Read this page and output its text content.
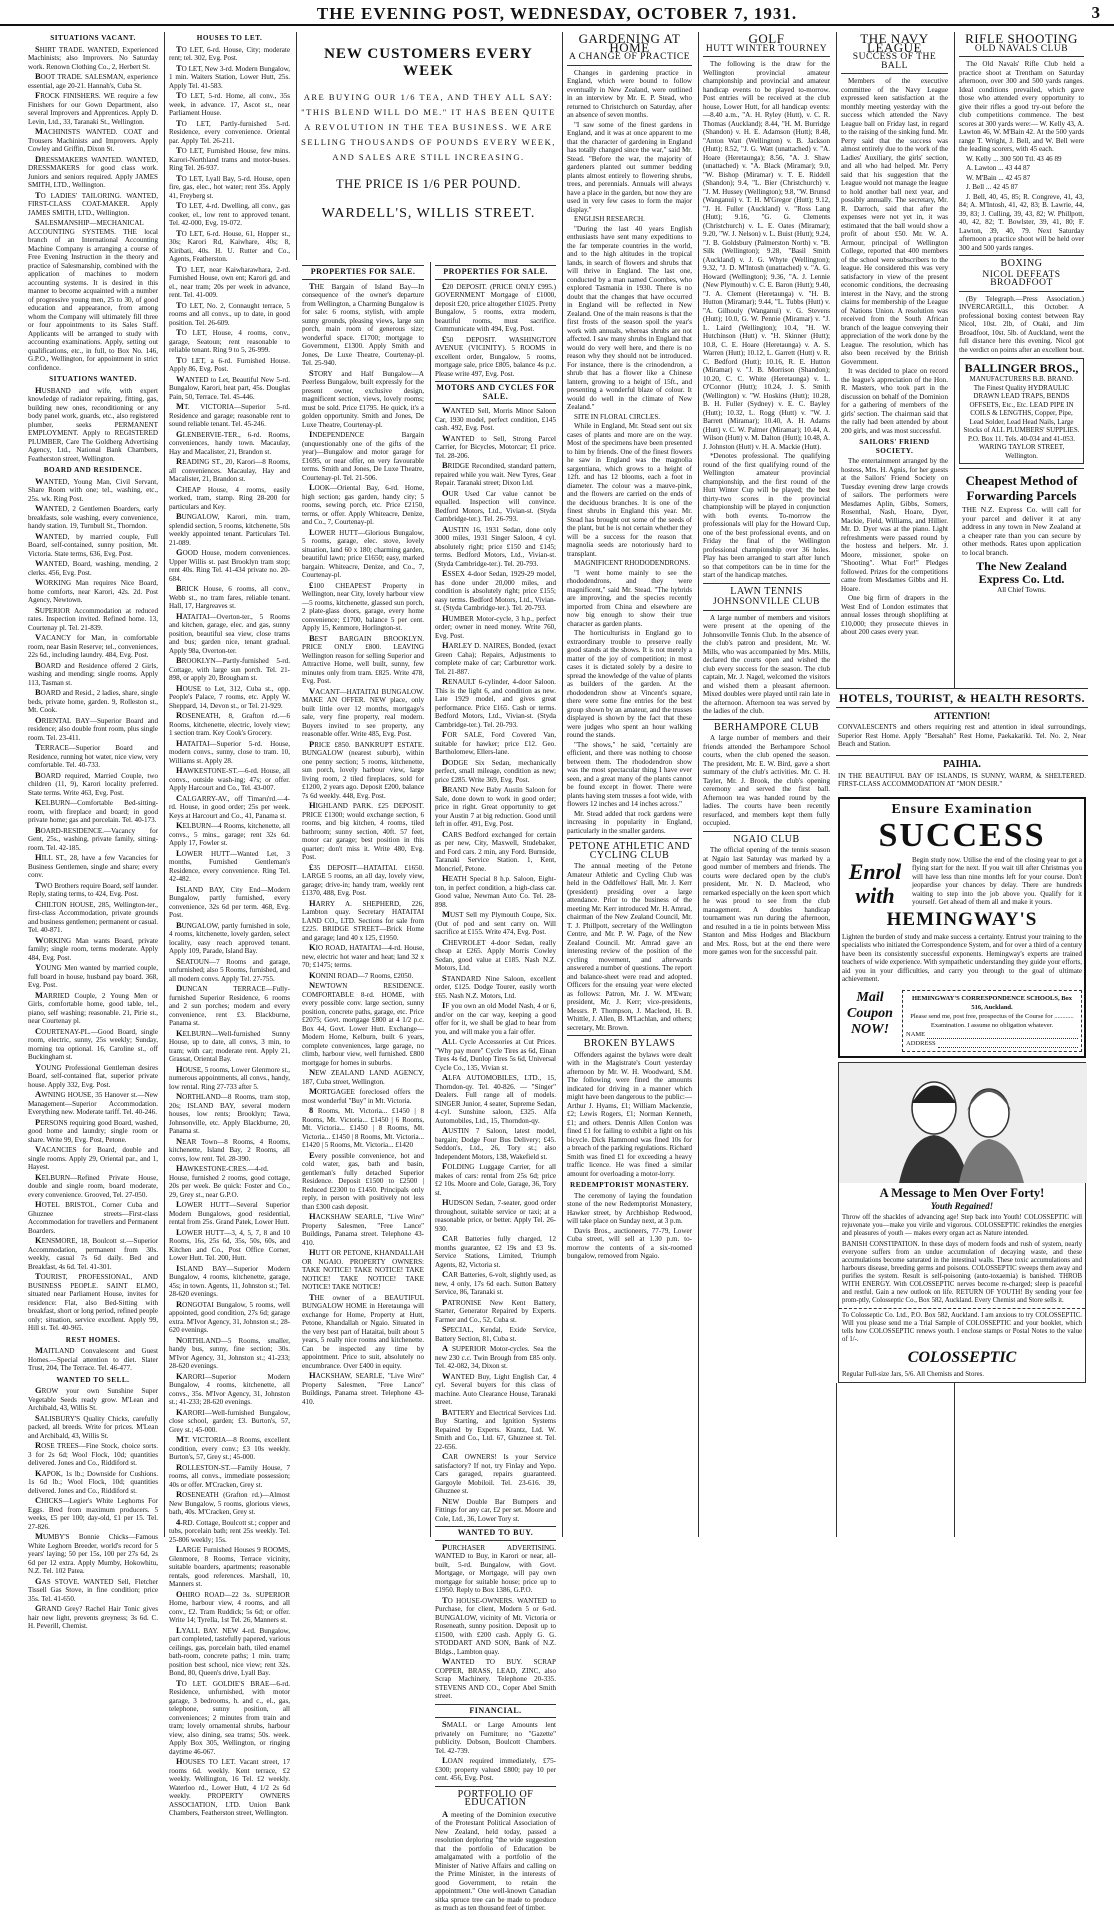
THE EVENING POST, WEDNESDAY, OCTOBER 7, 1931.	3
SITUATIONS VACANT.

SHIRT TRADE. WANTED, Experienced Machinists; also Improvers. No Saturday work. Renown Clothing Co., 2, Herbert St.

BOOT TRADE. SALESMAN, experience essential, age 20-21. Hannah's, Cuba St.

FROCK FINISHERS. WE require a few Finishers for our Gown Department, also several Improvers and Apprentices. Apply D. Levin, Ltd., 33, Taranaki St., Wellington.

MACHINISTS WANTED. COAT and Trousers Machinists and Improvers. Apply Cowley and Griffin, Dixon St.

DRESSMAKERS WANTED. WANTED, DRESSMAKERS for good class work. Juniors and seniors required. Apply JAMES SMITH, LTD., Wellington.

TO LADIES' TAILORING. WANTED, FIRST-CLASS COAT-MAKER. Apply JAMES SMITH, LTD., Wellington.

SALESMANSHIP—MECHANICAL ACCOUNTING SYSTEMS. THE local branch of an International Accounting Machine Company is arranging a course of Free Evening Instruction in the theory and practice of Salesmanship, combined with the application of machines to modern accounting systems. It is desired in this manner to become acquainted with a number of progressive young men, 25 to 30, of good education and appearance, from among whom the Company will ultimately fill three or four appointments to its Sales Staff. Applicants will be arranged to study with accounting examinations. Apply, setting out qualifications, etc., in full, to Box No. 146, G.P.O., Wellington, for appointment in strict confidence.

SITUATIONS WANTED.

HUSBAND and wife, with expert knowledge of radiator repairing, fitting, gas, building new ones, reconditioning or any body panel work, guards, etc., also registered plumber, seeks PERMANENT EMPLOYMENT. Apply to REGISTERED PLUMBER, Care The Goldberg Advertising Agency, Ltd., National Bank Chambers, Featherston street, Wellington.

BOARD AND RESIDENCE.

WANTED, Young Man, Civil Servant, Share Room with one; tel., washing, etc., 25s. wk. Ring Post.

WANTED, 2 Gentlemen Boarders, early breakfasts, sole washing, every convenience, handy station. 19, Turnbull St., Thorndon.

WANTED, by married couple, Full Board, self-contained, sunny position, Mt. Victoria. State terms, 636, Evg. Post.

WANTED, Board, washing, mending, 2 clerks. 456, Evg. Post.

WORKING Man requires Nice Board, home comforts, near Karori, 42s. 2d. Post Agency, Newtown.

SUPERIOR Accommodation at reduced rates. Inspection invited. Refined home. 13, Courtenay pl. Tel. 21-839.

VACANCY for Man, in comfortable room, near Basin Reserve; tel., conveniences, 22s 6d., including laundry. 484, Evg. Post.

BOARD and Residence offered 2 Girls, washing and mending; single rooms. Apply 113, Tasman st.

BOARD and Resid., 2 ladies, share, single beds, private home, garden. 9, Rolleston st., Mt. Cook.

ORIENTAL BAY—Superior Board and residence; also double front room, plus single room. Tel. 23-411.

TERRACE—Superior Board and Residence, running hot water, nice view, very comfortable. Tel. 40-733.

BOARD required, Married Couple, two children (11, 9), Karori locality preferred. State terms. Write 463, Evg. Post.

KELBURN—Comfortable Bed-sitting-room, with fireplace and board; in good private home; gas and porcelain. Tel. 40-173.

BOARD-RESIDENCE.—Vacancy for Gent, 25s., washing, private family, sitting-room. Tel. 42-185.

HILL ST., 28, have a few Vacancies for Business Gentlemen, single and share; every conv.

TWO Brothers require Board, self launder. Reply, stating terms, to 424, Evg. Post.

CHILTON HOUSE, 285, Wellington-ter., first-class Accommodation, private grounds and business gentlemen; permanent or casual. Tel. 40-871.

WORKING Man wants Board, private family; single room, terms moderate. Apply 484, Evg. Post.

YOUNG Men wanted by married couple, full board in house, husband pay board. 368, Evg. Post.

MARRIED Couple, 2 Young Men or Girls, comfortable home, good table, tel., piano, self washing; reasonable. 21, Pirie st., near Courtenay pl.

COURTENAY-PL.—Good Board, single room, electric, sunny, 25s weekly; Sunday, morning tea optional. 16, Caroline st., off Buckingham st.

YOUNG Professional Gentleman desires Board, self-contained flat, superior private house. Apply 332, Evg. Post.

AWNING HOUSE, 35 Hanover st.—New Management—Superior Accommodation. Everything new. Moderate tariff. Tel. 40-246.

PERSONS requiring good Board, washed, good home and laundry; single room or share. Write 99, Evg. Post, Petone.

VACANCIES for Board, double and single rooms. Apply 29, Oriental par., and 1, Hayest.

KELBURN—Refined Private House, double and single room, board moderate, every convenience. Grooved, Tel. 27-050.

HOTEL BRISTOL, Corner Cuba and Ghuznee streets—First-class Accommodation for travellers and Permanent Boarders.

KENSMORE, 18, Boulcott st.—Superior Accommodation, permanent from 30s. weekly, casual 7s 6d daily. Bed and Breakfast, 4s 6d. Tel. 41-301.

TOURIST, PROFESSIONAL, AND BUSINESS PEOPLE. SAINT ELMO, situated near Parliament House, invites for residence: Flat, also Bed-Sitting with breakfast, short or long period, refined people only; situation, service excellent. Apply 99, Hill st. Tel. 40-965.

REST HOMES.

MAITLAND Convalescent and Guest Homes.—Special attention to diet. Slater Trust, 204, The Terrace. Tel. 46-477.

WANTED TO SELL.

GROW your own Sunshine Super Vegetable Seeds ready grow. M'Lean and Archibald, 43, Willis St.

SALISBURY'S Quality Chicks, carefully packed, all breeds. Write for prices. M'Lean and Archibald, 43, Willis St.

ROSE TREES—Fine Stock, choice sorts. 3 for 2s 6d; Wool Flock, 10d; quantities delivered. Jones and Co., Riddiford st.

KAPOK, 1s lb.; Downside for Cushions. 1s 6d lb.; Wool Flock, 10d; quantities delivered. Jones and Co., Riddiford st.

CHICKS—Legier's White Leghorns For Eggs. Bred from maximum producers. 5 weeks, £5 per 100; day-old, £1 per 15. Tel. 27-826.

MUMBY'S Bonnie Chicks—Famous White Leghorn Breeder, world's record for 5 years' laying; 50 per 15s, 100 per 27s 6d, 2s 6d per 12 extra. Apply Mumby, Hokowhitu, N.Z. Tel. 102 Patea.

GAS STOVE. WANTED Sell, Fletcher Tissell Gas Stove, in fine condition; price 35s. Tel. 41-650.

GRAND Grey? Rachel Hair Tonic gives hair new light, prevents greyness; 3s 6d. C. H. Peverill, Chemist.

HOUSES TO LET.

TO LET, 6-rd. House, City; moderate rent; tel. 302, Evg. Post.

TO LET, New 3-rd. Modern Bungalow, 1 min. Waiters Station, Lower Hutt, 25s. Apply Tel. 41-583.

TO LET, 5-rd. Home, all conv., 35s week, in advance. 17, Ascot st., near Parliament House.

TO LET, Partly-furnished 5-rd. Residence, every convenience. Oriental par. Apply Tel. 26-211.

TO LET, Furnished House, few mins. Karori-Northland trams and motor-buses. Ring Tel. 26-937.

TO LET, Lyall Bay, 5-rd. House, open fire, gas, elec., hot water; rent 35s. Apply 41, Freyberg st.

TO LET, 4-rd. Dwelling, all conv., gas cooker, el., low rent to approved tenant. Tel. 42-000, Evg. 19-072.

TO LET, 6-rd. House, 61, Hopper st., 30s; Karori Rd, Kaiwhare, 40s; 8, Kiribati, 40s. H. U. Rutter and Co., Agents, Featherston.

TO LET, near Kaiwharawhara, 2-rd. Furnished House, own ent; Karori gd. and el., near tram; 20s per week in advance, rent. Tel. 41-009.

TO LET, No. 2, Connaught terrace, 5 rooms and all convs., up to date, in good position. Tel. 26-609.

TO LET, House, 4 rooms, conv., garage, Seatoun; rent reasonable to reliable tenant. Ring 9 to 5, 26-999.

TO LET, a 6-rd. Furnished House. Apply 86, Evg. Post.

WANTED to Let, Beautiful New 5-rd. Bungalow, Karori, heat part, 45s. Douglas Pain, 50, Terrace. Tel. 45-446.

MT. VICTORIA—Superior 5-rd. Residence and garage; reasonable rent to sound reliable tenant. Tel. 45-246.

GLENBERVIE-TER., 6-rd. Rooms, conveniences, handy town. Macaulay, Hay and Macalister, 21, Brandon st.

READING ST., 20, Karori—8 Rooms, all conveniences. Macaulay, Hay and Macalister, 21, Brandon st.

CHEAP House, 4 rooms, easily worked, tram, stamp. Ring 28-200 for particulars and Key.

BUNGALOW, Karori, min. tram, splendid section, 5 rooms, kitchenette, 50s weekly appointed tenant. Particulars Tel. 21-089.

GOOD House, modern conveniences. Upper Willis st. past Brooklyn tram stop; rent 40s. Ring Tel. 41-434 private no. 20-684.

BRICK House, 6 rooms, all conv., Webb st., no tram fares, reliable tenant. Hall, 17, Hargreaves st.

HATAITAI—Overton-ter., 5 Rooms and kitchen, garage, elec. and gas, sunny position, beautiful sea view, close trams and bus; garden nice, tenant gradual. Apply 98a, Overton-ter.

BROOKLYN—Partly-furnished 5-rd. Cottage, with large sun porch. Tel. 21-898, or apply 20, Brougham st.

HOUSE to Let, 312, Cuba st., opp. People's Palace, 7 rooms, etc. Apply W. Sheppard, 14, Devon st., or Tel. 21-929.

ROSENEATH, 8, Grafton rd.—6 Rooms, kitchenette, electric, lovely view; 1 section tram. Key Cook's Grocery.

HATAITAI—Superior 5-rd. House, modern convs., sunny, close to tram. 10, Williams st. Apply 28.

HAWKESTONE-ST.—6-rd. House, all convs., outside wash-ing; 47s; or offer. Apply Harcourt and Co., Tel. 43-007.

CALGARRY-AV., off Timaru'rd.—4-rd. House, in good order; 25s per week. Keys at Harcourt and Co., 41, Panama st.

KELBURN—4 Rooms, kitchenette, all convs., 5 mins., garage; rent 32s 6d. Apply 17, Fowler st.

LOWER HUTT—Wanted Let, 3 months, Furnished Gentleman's Residence, every convenience. Ring Tel. 42-482.

ISLAND BAY, City End—Modern Bungalow, partly furnished, every convenience, 32s 6d per term. 468, Evg. Post.

BUNGALOW, partly furnished in sole, 4 rooms, kitchenette, lovely garden, select locality, easy reach approved tenant. Apply 109, Parade, Island Bay.

SEATOUN—7 Rooms and garage, unfurnished; also 5 Rooms, furnished, and all modern convs. Apply Tel. 27-755.

DUNCAN TERRACE—Fully-furnished Superior Residence, 6 rooms and 2 sun porches; modern and every convenience, rent £3. Blackburne, Panama st.

KELBURN—Well-furnished Sunny House, up to date, all convs, 3 min, to tram; with car; moderate rent. Apply 21, Grassat, Oriental Bay.

HOUSE, 5 rooms, Lower Glenmore st., numerous appointments, all convs., handy, low rental. Ring 27-733 after 5.

NORTHLAND—8 Rooms, tram stop, 20s; ISLAND BAY, several modern houses, low rents; Brooklyn; Tawa, Johnsonville, etc. Apply Blackburne, 20, Panama st.

NEAR Town—8 Rooms, 4 Rooms, kitchenette, Island Bay, 2 Rooms, all convs, low rent. Tel. 28-390.

HAWKESTONE-CRES.—4-rd. House, furnished 2 rooms, good cottage, 20s per week. Be quick: Foster and Co., 29, Grey st., near G.P.O.

LOWER HUTT—Several Superior Modern Bungalows, good residential, rental from 25s. Grand Patek, Lower Hutt.

LOWER HUTT—3, 4, 5, 7, 8 and 10 Rooms, 16s, 25s 6d, 35s, 50s, 60s, and Kitchen and Co., Post Office Corner, Lower Hutt. Tel. 200, Hutt.

ISLAND BAY—Superior Modern Bungalow, 4 rooms, kitchenette, garage, 45s; in town. Agents, 11, Johnston st.; Tel. 28-620 evenings.

RONGOTAI Bungalow, 5 rooms, well appointed, good condition, 27s 6d; garage extra. M'Ivor Agency, 31, Johnston st.; 28-620 evenings.

NORTHLAND—5 Rooms, smaller, handy bus, sunny, fine section; 30s. M'Ivor Agency, 31, Johnston st.; 41-233; 28-620 evenings.

KARORI—Superior Modern Bungalow, 4 rooms, kitchenette, all convs., 35s. M'Ivor Agency, 31, Johnston st.; 41-233; 28-620 evenings.

KARORI—Well-furnished Bungalow, close school, garden; £3. Burton's, 57, Grey st.; 45-000.

MT. VICTORIA—8 Rooms, excellent condition, every conv.; £3 10s weekly. Burton's, 57, Grey st.; 45-000.

ROLLESTON-ST.—Family House, 7 rooms, all convs., immediate possession; 40s or offer. M'Cracken, Grey st.

ROSENEATH (Grafton rd.)—Almost New Bungalow, 5 rooms, glorious views, bath, 40s. M'Cracken, Grey st.

4-RD. Cottage, Boulcott st.; copper and tubs, porcelain bath; rent 25s weekly. Tel. 25-806 weekly; 15s.

LARGE Furnished Houses 9 ROOMS, Glenmore, 8 Rooms, Terrace vicinity, suitable boarders, apartments; reasonable rentals, good references. Marshall, 10, Manners st.

OHIRO ROAD—22 3s. SUPERIOR Home, harbour view, 4 rooms, and all conv., £2. Tram Ruddick; 5s 6d; or offer. Write 14; Tyrella, 1st Tel. 26, Manners st.

LYALL BAY. NEW 4-rd. Bungalow, part completed, tastefully papered, various ceilings, gas, porcelain bath, tiled enamel bath-room, concrete paths; 1 min. tram; position best school, nice view; rent 32s. Bond, 80, Queen's drive, Lyall Bay.

TO LET. GOLDIE'S BRAE—6-rd. Residence, unfurnished, with motor garage, 3 bedrooms, h. and c., el., gas, telephone, sunny position, all conveniences; 2 minutes from train and tram; lovely ornamental shrubs, harbour view, also dining, sea trams; 50s. week. Apply Box 305, Wellington, or ringing daytime 46-067.

HOUSES TO LET. Vacant street, 17 rooms 6d. weekly. Kent terrace, £2 weekly. Wellington, 16 Tel. £2 weekly. Waterloo rd., Lower Hutt, 4 1/2 2s 6d weekly. PROPERTY OWNERS ASSOCIATION, LTD. Union Bank Chambers, Featherston street, Wellington.

NEW CUSTOMERS EVERY WEEK
ARE BUYING OUR 1/6 TEA, AND THEY ALL SAY: "THIS BLEND WILL DO ME." IT HAS BEEN QUITE A REVOLUTION IN THE TEA BUSINESS. WE ARE SELLING THOUSANDS OF POUNDS EVERY WEEK, AND SALES ARE STILL INCREASING.
THE PRICE IS 1/6 PER POUND.
WARDELL'S, WILLIS STREET.
PROPERTIES FOR SALE.

THE Bargain of Island Bay—In consequence of the owner's departure from Wellington, a Charming Bungalow is for sale: 6 rooms, stylish, with ample sunny grounds, pleasing views, large sun porch, main room of generous size; wonderful space. £1700; mortgage to Government, £1300. Apply Smith and Jones, De Luxe Theatre, Courtenay-pl. Tel. 25-940.

STORY and Half Bungalow—A Peerless Bungalow, built expressly for the present owner, exclusive design, magnificent section, views, lovely rooms; must be sold. Price £1795. He quick, it's a golden opportunity. Smith and Jones, De Luxe Theatre, Courtenay-pl.

INDEPENDENCE Bargain (unquestionably one of the gifts of the year)—Bungalow and motor garage for £1695, or near offer, on very favourable terms. Smith and Jones, De Luxe Theatre, Courtenay-pl. Tel. 21-506.

LOOK—Oriental Bay, 6-rd. Home, high section; gas garden, handy city; 5 rooms, sewing porch, etc. Price £2150, terms, or offer. Apply Whiteacre, Denize, and Co., 7, Courtenay-pl.

LOWER HUTT—Glorious Bungalow, 5 rooms, garage, elec. stove, lovely situation, land 60 x 180; charming garden, beautiful lawn; price £1650; easy, marked bargain. Whiteacre, Denize, and Co., 7, Courtenay-pl.

£100 CHEAPEST Property in Wellington, near City, lovely harbour view—5 rooms, kitchenette, glassed sun porch, 2 plate-glass doors, garage, every home convenience; £1700, balance 5 per cent. Apply 15, Kenmore, Horlington-st.

BEST BARGAIN BROOKLYN. PRICE ONLY £800. LEAVING Wellington reason for selling Superior and Attractive Home, well built, sunny, few minutes only from tram. £825. Write 478, Evg. Post.

VACANT—HATAITAI BUNGALOW. MAKE AN OFFER. NEW place, only built little over 12 months, mortgage's sale, very fine property, real modern. Buyers invited to see property, any reasonable offer. Write 485, Evg. Post.

PRICE £850. BANKRUPT ESTATE. BUNGALOW (nearest suburb), within one penny section; 5 rooms, kitchenette, sun porch, lovely harbour view, large living room, 2 tiled fireplaces, sold for £1200, 2 years ago. Deposit £200, balance 7s 6d weekly. 448, Evg. Post.

HIGHLAND PARK. £25 DEPOSIT. PRICE £1300; would exchange section, 6 rooms, and big kitchen, 4 rooms, tiled bathroom; sunny section, 40ft. 57 feet, motor car garage; best position in this quarter; don't miss it. Write 480, Evg. Post.

£35 DEPOSIT—HATAITAI. £1650. LARGE 5 rooms, an all day, lovely view, garage; drive-in; handy tram, weekly rent £1370, 488, Evg. Post.

HARRY A. SHEPHERD, 226, Lambton quay. Secretary HATAITAI LAND CO., LTD. Sections for sale from £225. BRIDGE STREET—Brick Home and garage; land 40 x 125, £1950.

KIO ROAD, HATAITAI—4-rd. House, new, electric hot water and heat; land 32 x 70; £1475; terms.

KONINI ROAD—7 Rooms, £2050.

NEWTOWN RESIDENCE. COMFORTABLE 8-rd. HOME, with every possible conv. large section, sunny position, concrete paths, garage, etc. Price £2075; Govt. mortgage £800 at 4 1/2 p.c. Box 44, Govt. Lower Hutt. Exchange—Modern Home, Kelburn, built 6 years, complete conveniences, large garage, no climb, harbour view, well furnished. £800 mortgage for homes in suburbs.

NEW ZEALAND LAND AGENCY, 187, Cuba street, Wellington.

MORTGAGEE foreclosed offers the most wonderful "Buy" in Mt. Victoria.

8 Rooms, Mt. Victoria... £1450 | 8 Rooms, Mt. Victoria... £1450 | 6 Rooms, Mt. Victoria... £1450 | 8 Rooms, Mt. Victoria... £1450 | 8 Rooms, Mt. Victoria... £1420 | 5 Rooms, Mt. Victoria... £1420

Every possible convenience, hot and cold water, gas, bath and basin, gentleman's fully detached Superior Residence. Deposit £1500 to £2500 | Reduced £2300 to £1450. Principals only reply, in person with positively not less than £300 cash deposit.

HACKSHAW SEARLE, "Live Wire" Property Salesmen, "Free Lance" Buildings, Panama street. Telephone 43-410.

HUTT OR PETONE, KHANDALLAH OR NGAIO. PROPERTY OWNERS: TAKE NOTICE! TAKE NOTICE! TAKE NOTICE! TAKE NOTICE! TAKE NOTICE! TAKE NOTICE!

THE owner of a BEAUTIFUL BUNGALOW HOME in Heretaunga will exchange for Home, Property at Hutt, Petone, Khandallah or Ngaio. Situated in the very best part of Hataitai, built about 5 years, 5 really nice rooms and kitchenette. Can be inspected any time by appointment. Price to suit, absolutely no encumbrance. Over £400 in equity.

HACKSHAW, SEARLE, "Live Wire" Property Salesmen, "Free Lance" Buildings, Panama street. Telephone 43-410.

PROPERTIES FOR SALE.

£20 DEPOSIT. (PRICE ONLY £995.) GOVERNMENT Mortgage of £1000, deposit £20, price altogether £1025. Pretty Bungalow, 5 rooms, extra modern, beautiful rooms, must sacrifice. Communicate with 494, Evg. Post.

£50 DEPOSIT. WASHINGTON AVENUE (VICINITY). 5 ROOMS in excellent order, Bungalow, 5 rooms, mortgage sale, price £805, balance 4s p.c. Please write 497, Evg. Post.

MOTORS AND CYCLES FOR SALE.

WANTED Sell, Morris Minor Saloon Car, 1930 model, perfect condition, £145 cash. 492, Evg. Post.

WANTED to Sell, Strong Parcel Carrier, for Bicycles, Motorcar; £1 price. Tel. 28-206.

BRIDGE Recondited, standard pattern, repaired while you wait. New Tyres, Gear Repair. Taranaki street; Dixon Ltd.

OUR Used Car value cannot be equalled. Inspection will convince. Bedford Motors, Ltd., Vivian-st. (Styda Cambridge-ter.). Tel. 26-793.

AUSTIN 16, 1931 Sedan, done only 3000 miles, 1931 Singer Saloon, 4 cyl. absolutely right; price £150 and £145; terms. Bedford Motors, Ltd., Vivian-st. (Styda Cambridge-ter.). Tel. 20-793.

ESSEX 4-door Sedan, 1929-29 model, has done under 20,000 miles, and condition is absolutely right; price £155; easy terms. Bedford Motors, Ltd., Vivian-st. (Styda Cambridge-ter.). Tel. 20-793.

HUMBER Motor-cycle, 3 h.p., perfect order; owner in need money. Write 760, Evg. Post.

HARLEY D. NAIRES, Bonded, (exact Green Caha); Repairs, Adjustments to complete make of car; Carburettor work. Tel. 21-887.

RENAULT 6-cylinder, 4-door Saloon. This is the light 6, and condition as new. Late 1929 model, and gives great performance. Price £165. Cash or terms. Bedford Motors, Ltd., Vivian-st. (Styda Cambridge-ter.). Tel. 20-793.

FOR SALE, Ford Covered Van, suitable for hawker; price £12. Geo. Bartholomew, Ellers-lane.

DODGE Six Sedan, mechanically perfect, small mileage, condition as new; price £285. Write 369, Evg. Post.

BRAND New Baby Austin Saloon for Sale, done down to work in good order; price in right. Great opportunity to get your Austin 7 at big reduction. Good until left in offer. 491, Evg. Post.

CARS Bedford exchanged for certain as per new, City, Maxwell, Studebaker, and Ford cars. 2 min, any Ford. Burnside, Taranaki Service Station. 1, Kent, Moncrief, Petone.

HEATH Special 8 h.p. Saloon, Eight-ton, in perfect condition, a high-class car. Good value, Newman Auto Co. Tel. 28-898.

MUST Sell my Plymouth Coupe, Six. (Out of pod and sent carry on. Will sacrifice at £155. Write 474, Evg. Post.

CHEVROLET 4-door Sedan, really cheap at £265. Apply Morris Cowley Sedan, good value at £185. Nash N.Z. Motors, Ltd.

STANDARD Nine Saloon, excellent order, £125. Dodge Tourer, easily worth £65. Nash N.Z. Motors, Ltd.

IF you own an old Model Nash, 4 or 6, and/or on the car way, keeping a good offer for it, we shall be glad to hear from you, and will make you a fair offer.

ALL Cycle Accessories at Cut Prices. "Why pay more" Cycle Tires as 6d, Einan Tires 4s 6d, Dunlop Tires 5s 6d, Universal Cycle Co., 135, Vivian st.

ALFA AUTOMOBILES, LTD., 15, Thorndon-qy. Tel. 40-826. — "Singer" Dealers. Full range all of models. SINGER Junior, 4 seater, Supreme Sedan, 4-cyl. Sunshine saloon, £325. Alfa Automobiles, Ltd., 15, Thorndon-qy.

AUSTIN 7 Saloon, latest model, bargain; Dodge Four Bus Delivery; £45. Seddon's, Ltd., 26, Tory st.; also Independent Motors, 138, Wakefield st.

FOLDING Luggage Carrier, for all makes of cars: rental from 25s 6d; price £2 10s. Moore and Cole, Garage, 36, Tory st.

HUDSON Sedan, 7-seater, good order throughout, suitable service or taxi; at a reasonable price, or better. Apply Tel. 26-930.

CAR Batteries fully charged, 12 months guarantee, £2 19s and £3 9s. Service Stations, Limited, Triumph Agents, 82, Victoria st.

CAR Batteries, 6-volt, slightly used, as new, 4 only, 17s 6d each. Sutton Battery Service, 86, Taranaki st.

PATRONISE New Kent Battery, Starter, Generator Repaired by Experts. Farmer and Co., 52, Cuba st.

SPECIAL, Kendal, Exide Service, Battery Section, 81, Cuba st.

A SUPERIOR Motor-cycles. Sea the new 230 c.c. Twin Brough from £85 only. Tel. 42-082, 34, Dixon st.

WANTED Buy, Light English Car, 4 cyl. Several buyers for this class of machine. Auto Clearance House, Taranaki street.

BATTERY and Electrical Services Ltd. Buy Starting, and Ignition Systems Repaired by Experts. Krantz, Ltd. W. Smith and Co., Ltd. 67, Ghuznee st. Tel. 22-656.

CAR OWNERS! Is your Service satisfactory? If not, try Finlay and Yepo. Cars garaged, repairs guaranteed. Gargoyle Mobiloil. Tel. 23-616. 39, Ghuznee st.

NEW Double Bar Bumpers and Fittings for any car, £2 per set. Moore and Cole, Ltd., 36, Lower Tory st.

WANTED TO BUY.

PURCHASER ADVERTISING. WANTED to Buy, in Karori or near, all-built, 5-rd. Bungalow, with Govt. Mortgage, or Mortgage, will pay own mortgage for suitable house; price up to £1950. Reply to Box 1386, G.P.O.

TO HOUSE-OWNERS. WANTED to Purchase, for client, Modern 5 or 6-rd. BUNGALOW, vicinity of Mt. Victoria or Roseneath, sunny position. Deposit up to £1500, with £200 cash. Apply G. G. STODDART AND SON, Bank of N.Z. Bldgs., Lambton quay.

WANTED TO BUY. SCRAP COPPER, BRASS, LEAD, ZINC, also Scrap Machinery. Telephone 20-335. STEVENS AND CO., Coper Abel Smith street.

FINANCIAL.

SMALL or Large Amounts lent privately on Furniture; no "Gazette" publicity. Dobson, Boulcott Chambers. Tel. 42-739.

LOAN required immediately, £75-£300; property valued £800; pay 10 per cent. 456, Evg. Post.

PORTFOLIO OF EDUCATION

A meeting of the Dominion executive of the Protestant Political Association of New Zealand, held today, passed a resolution deploring "the wide suggestion that the portfolio of Education be amalgamated with a portfolio of the Minister of Native Affairs and calling on the Prime Minister, in the interests of good Government, to retain the appointment." One well-known Canadian sitka spruce tree can be made to produce as much as ten thousand feet of timber.

GARDENING AT HOME
A CHANGE OF PRACTICE

Changes in gardening practice in England, which were bound to follow eventually in New Zealand, were outlined in an interview by Mr. E. P. Stead, who returned to Christchurch on Saturday, after an absence of seven months.

"I saw some of the finest gardens in England, and it was at once apparent to me that the character of gardening in England has totally changed since the war," said Mr. Stead. "Before the war, the majority of gardeners planted out summer bedding plants almost entirely to flowering shrubs, trees, and perennials. Annuals will always have a place in the garden, but now they are used in very few cases to form the major display."

ENGLISH RESEARCH.

"During the last 40 years English enthusiasts have sent many expeditions to the far temperate countries in the world, and to the high altitudes in the tropical lands, in search of flowers and shrubs that will thrive in England. The last one, conducted by a man named Coombes, who explored Tasmania in 1930. There is no doubt that the changes that have occurred in England will be reflected in New Zealand. One of the main reasons is that the first frosts of the season spoil the year's work with annuals, whereas shrubs are not affected. I saw many shrubs in England that would do very well here, and there is no reason why they should not be introduced. For instance, there is the crinodendron, a shrub that has a flower like a Chinese lantern, growing to a height of 15ft., and presenting a wonderful blaze of colour. It would do well in the climate of New Zealand."

SITE IN FLORAL CIRCLES.

While in England, Mr. Stead sent out six cases of plants and more are on the way. Most of the specimens have been presented to him by friends. One of the finest flowers he saw in England was the magnolia sargentiana, which grows to a height of 12ft. and has 12 blooms, each a foot in diameter. The colour was a mauve-pink, and the flowers are carried on the ends of the deciduous branches. It is one of the finest shrubs in England this year. Mr. Stead has brought out some of the seeds of the plant, but he is not certain whether they will be a success for the reason that magnolia seeds are notoriously hard to transplant.

MAGNIFICENT RHODODENDRONS.

"I went home mainly to see the rhododendrons, and they were magnificent," said Mr. Stead. "The hybrids are improving, and the species recently imported from China and elsewhere are now big enough to show their true character as garden plants.

The horticulturists in England go to extraordinary trouble to preserve really good stands at the shows. It is not merely a matter of the joy of competition; in most cases it is dictated solely by a desire to spread the knowledge of the value of plants as builders of the garden. At the rhododendron show at Vincent's square, there were some fine entries for the best group shown by an amateur, and the trusses displayed is shown by the fact that these were judges who spent an hour walking round the stands.

"The shows," he said, "certainly are efficient, and there was nothing to choose between them. The rhododendron show was the most spectacular thing I have ever seen, and a great many of the plants cannot be found except in flower. There were plants having stem trusses a foot wide, with flowers 12 inches and 14 inches across."

Mr. Stead added that rock gardens were increasing in popularity in England, particularly in the smaller gardens.

PETONE ATHLETIC AND CYCLING CLUB

The annual meeting of the Petone Amateur Athletic and Cycling Club was held in the Oddfellows' Hall, Mr. J. Kerr (president) presiding over a large attendance. Prior to the business of the meeting Mr. Kerr introduced Mr. H. Amrad, chairman of the New Zealand Council, Mr. T. J. Phillpott, secretary of the Wellington Centre, and Mr. P. W. Page, of the New Zealand Council. Mr. Amrad gave an interesting review of the position of the cycling movement, and afterwards answered a number of questions. The report and balance-sheet were read and adopted. Officers for the ensuing year were elected as follows: Patron, Mr. J. W. M'Ewan; president, Mr. J. Kerr; vice-presidents, Messrs. P. Thompson, J. Macleod, H. B. Whittle, J. Allen, B. M'Lachlan, and others; secretary, Mr. Brown.

BROKEN BYLAWS

Offenders against the bylaws were dealt with in the Magistrate's Court yesterday afternoon by Mr. W. H. Woodward, S.M. The following were fined the amounts indicated for driving in a manner which might have been dangerous to the public:— Arthur J. Hyams, £1; William Mackenzie, £2; Lewis Rogers, £1; Norman Kenneth, £1; and others. Dennis Allen Conlon was fined £1 for failing to exhibit a light on his bicycle. Dick Hammond was fined 10s for a breach of the parking regulations. Richard Smith was fined £1 for exceeding a heavy traffic licence. He was fined a similar amount for overloading a motor-lorry.

REDEMPTORIST MONASTERY.

The ceremony of laying the foundation stone of the new Redemptorist Monastery, Hawker street, by Archbishop Redwood, will take place on Sunday next, at 3 p.m.

Davis Bros., auctioneers, 77-79, Lower Cuba street, will sell at 1.30 p.m. to-morrow the contents of a six-roomed bungalow, removed from Ngaio.

GOLF
HUTT WINTER TOURNEY

The following is the draw for the Wellington provincial amateur championship and provincial and amateur handicap events to be played to-morrow. Post entries will be received at the club house, Lower Hutt, for all handicap events:—8.40 a.m., "A. H. Ryley (Hutt), v. C. R. Thomas (Auckland); 8.44, "H. M. Burridge (Shandon) v. H. E. Adamson (Hutt); 8.48, "Anton Watt (Wellington) v. B. Jackson (Hutt); 8.52, "J. G. Watt (unattached) v. "A. Hoare (Heretaunga); 8.56, "A. J. Shaw (unattached) v. "A. Black (Miramar); 9.0, "W. Bishop (Miramar) v. T. E. Riddell (Shandon); 9.4, "L. Bier (Christchurch) v. "J. M. Hussey (Wellington); 9.8, "W. Brunsd (Wanganui) v. T. H. M'Gregor (Hutt); 9.12, "J. H. Fuller (Auckland) v. "Ross Lang (Hutt); 9.16, "G. G. Clements (Christchurch) v. L. E. Oates (Miramar); 9.20, "W. J. Nelson) v. L. Buist (Hutt); 9.24, "J. B. Goldsbury (Palmerston North) v. "B. Silk (Wellington); 9.28, "Basil Smith (Auckland) v. J. G. Whyte (Wellington); 9.32, "J. D. M'Intosh (unattached) v. "A. G. Howard (Wellington); 9.36, "A. J. Lennie (New Plymouth) v. C. E. Baron (Hutt); 9.40, "J. A. Clement (Heretaunga) v. "H. B. Hutton (Miramar); 9.44, "L. Tubbs (Hutt) v. "A. Gilhouly (Wanganui) v. G. Stevens (Hutt); 10.0, G. W. Pennie (Miramar) v. "J. L. Laird (Wellington); 10.4, "H. W. Hutchinson (Hutt) v. "H. Skinner (Hutt); 10.8, C. E. Hoare (Heretaunga) v. A. S. Warren (Hutt); 10.12, L. Garrett (Hutt) v. R. C. Bedford (Hutt); 10.16, R. E. Hutton (Miramar) v. "J. B. Morrison (Shandon); 10.20, C. C. White (Heretaunga) v. L. O'Connor (Hutt); 10.24, J. S. Smith (Wellington) v. "W. Hoskins (Hutt); 10.28, B. H. Fuller (Sydney) v. E. C. Bayley (Hutt); 10.32, L. Rogg (Hutt) v. "W. J. Barrett (Miramar); 10.40, A. H. Adams (Hutt) v. C. W. Palmer (Miramar); 10.44, A. Wilson (Hutt) v. M. Dalton (Hutt); 10.48, A. J. Johnston (Hutt) v. H. A. Mackie (Hutt).

*Denotes professional. The qualifying round of the first qualifying round of the Wellington amateur provincial championship, and the first round of the Hutt Winter Cup will be played; the best thirty-two scores in the provincial championship will be played in conjunction with both events. To-morrow the professionals will play for the Howard Cup, one of the best professional events, and on Friday the final of the Wellington professional championship over 36 holes. Play has been arranged to start after lunch so that competitors can be in time for the start of the handicap matches.

LAWN TENNIS
JOHNSONVILLE CLUB

A large number of members and visitors were present at the opening of the Johnsonville Tennis Club. In the absence of the club's patron and president, Mr. W. Mills, who was accompanied by Mrs. Mills, declared the courts open and wished the club every success for the season. The club captain, Mr. J. Nagel, welcomed the visitors and wished them a pleasant afternoon. Mixed doubles were played until rain late in the afternoon. Afternoon tea was served by the ladies of the club.

BERHAMPORE CLUB

A large number of members and their friends attended the Berhampore School courts, when the club opened the season. The president, Mr. E. W. Bird, gave a short summary of the club's activities. Mr. C. H. Tayler, Mr. J. Brook, the club's opening ceremony and served the first ball. Afternoon tea was handed round by the ladies. The courts have been recently resurfaced, and members kept them fully occupied.

NGAIO CLUB

The official opening of the tennis season at Ngaio last Saturday was marked by a good number of members and friends. The courts were declared open by the club's president, Mr. N. D. Macleod, who remarked especially on the keen sport which he was proud to see from the club management. A doubles handicap tournament was run during the afternoon, and resulted in a tie in points between Miss Stanton and Miss Hodges and Blackburn and Mrs. Ross, but at the end there were more games won for the successful pair.

THE NAVY LEAGUE
SUCCESS OF THE BALL

Members of the executive committee of the Navy League expressed keen satisfaction at the monthly meeting yesterday with the success which attended the Navy League ball on Friday last, in regard to the raising of the sinking fund. Mr. Perry said that the success was almost entirely due to the work of the Ladies' Auxiliary, the girls' section, and all who had helped. Mr. Perry said that his suggestion that the League would not manage the league to hold another ball next year, and possibly annually. The secretary, Mr. R. Darroch, said that after the expenses were not yet in, it was estimated that the ball would show a profit of about £50. Mr. W. A. Armour, principal of Wellington College, reported that 400 members of the school were subscribers to the league. He considered this was very satisfactory in view of the present economic conditions, the decreasing interest in the Navy, and the strong claims for membership of the League of Nations Union. A resolution was received from the South African branch of the league conveying their appreciation of the work done by the League. The resolution, which has also been received by the British Government.

It was decided to place on record the league's appreciation of the Hon. R. Masters, who took part in the discussion on behalf of the Dominion for a gathering of members of the girls' section. The chairman said that the rally had been attended by about 200 girls, and was most successful.

SAILORS' FRIEND SOCIETY.

The entertainment arranged by the hostess, Mrs. H. Agnis, for her guests at the Sailors' Friend Society on Tuesday evening drew large crowds of sailors. The performers were Mesdames Aplin, Gibbs, Somers, Rosenthal, Nash, Hoare, Dyer, Mackie, Field, Williams, and Hillier. Mr. D. Dyer was at the piano. Light refreshments were passed round by the hostess and helpers. Mr. J. Moore, missioner, spoke on "Shooting". What For!" Pledges followed. Prizes for the competitions came from Mesdames Gibbs and H. Hoare.

One big firm of drapers in the West End of London estimates that annual losses through shoplifting at £10,000; they prosecute thieves in about 200 cases every year.

RIFLE SHOOTING
OLD NAVALS CLUB

The Old Navals' Rifle Club held a practice shoot at Trentham on Saturday afternoon, over 300 and 500 yards ranges. Ideal conditions prevailed, which gave those who attended every opportunity to give their rifles a good try-out before the club competitions commence. The best scores at 300 yards were:— W. Kelly 43, A. Lawton 46, W. M'Bain 42. At the 500 yards range T. Wright, J. Bell, and W. Bell were the leading scorers, with 45 each.

W. Kelly ... 300 500 Ttl. 43 46 89

A. Lawton ... 43 44 87

W. M'Bain ... 42 45 87

J. Bell ... 42 45 87

J. Bell, 40, 45, 85; R. Congreve, 41, 43, 84; A. M'Intosh, 41, 42, 83; B. Lawrie, 44, 39, 83; J. Culling, 39, 43, 82; W. Phillpott, 40, 42, 82; T. Bowlster, 39, 41, 80; F. Lawton, 39, 40, 79. Next Saturday afternoon a practice shoot will be held over 300 and 500 yards ranges.

BOXING
NICOL DEFEATS BROADFOOT

(By Telegraph.—Press Association.) INVERCARGILL, this October. A professional boxing contest between Ray Nicol, 10st. 2lb, of Otaki, and Jim Broadfoot, 10st. 5lb. of Auckland, went the full distance here this evening. Nicol got the verdict on points after an excellent bout.

BALLINGER BROS.,
MANUFACTURERS B.B. BRAND.
The Finest Quality HYDRAULIC DRAWN LEAD TRAPS, BENDS OFFSETS, Etc., Etc. LEAD PIPE IN COILS & LENGTHS, Copper, Pipe, Lead Solder, Lead Head Nails, Large Stocks of ALL PLUMBERS' SUPPLIES. P.O. Box 11. Tels. 40-034 and 41-053. WARING TAYLOR STREET, Wellington.
Cheapest Method of Forwarding Parcels
THE N.Z. Express Co. will call for your parcel and deliver it at any address in any town in New Zealand at a cheaper rate than you can secure by other methods. Rates upon application to local branch.
The New Zealand Express Co. Ltd.
All Chief Towns.
HOTELS, TOURIST, & HEALTH RESORTS.
ATTENTION!
CONVALESCENTS and others requiring rest and attention in ideal surroundings, Superior Rest Home. Apply "Bersahah" Rest Home, Paekakariki. Tel. No. 2, Near Beach and Station.
PAIHIA.
IN THE BEAUTIFUL BAY OF ISLANDS, IS SUNNY, WARM, & SHELTERED. FIRST-CLASS ACCOMMODATION AT "MON DESIR."
Ensure Examination
SUCCESS
Enrol with
Begin study now. Utilise the end of the closing year to get a flying start for the next. If you wait till after Christmas you will have less than nine months left for your course. Don't jeopardise your chances by delay. There are hundreds waiting to step into the job above you. Qualify for it yourself. Get ahead of them all and make it yours.
HEMINGWAY'S
Lighten the burden of study and make success a certainty. Entrust your training to the specialists who initiated the Correspondence System, and for over a third of a century have been its consistently successful exponents. Hemingway's experts are trained teachers of wide experience. With sympathetic understanding they guide your efforts, aid you in your difficulties, and carry you through to the goal of ultimate achievement.
Mail Coupon NOW!
HEMINGWAY'S CORRESPONDENCE SCHOOLS, Box 516, Auckland.
Please send me, post free, prospectus of the Course for ............ Examination. I assume no obligation whatever.
NAME
ADDRESS
A Message to Men Over Forty!
Youth Regained!
Throw off the shackles of advancing age! Step back into Youth! COLOSSEPTIC will rejuvenate you—make you virile and vigorous. COLOSSEPTIC rekindles the energies and pleasures of youth — makes every organ act as Nature intended.
BANISH CONSTIPATION. In these days of modern foods and rush of system, nearly everyone suffers from an undue accumulation of decaying waste, and these accumulations become saturated in the intestinal walls. These toxic accumulations and harbours disease, breeding germs and poisons. COLOSSEPTIC sweeps them away and purifies the system. Result is self-poisoning (auto-toxaemia) is banished. THROB WITH ENERGY. With COLOSSEPTIC nerves become re-charged; sleep is peaceful and restful. Gain a new outlook on life. RETURN OF YOUTH! By sending your fee prom-ptly, Colosseptic Co., Box 582, Auckland. Every Chemist and Store sells it.
To Colosseptic Co. Ltd., P.O. Box 582, Auckland. I am anxious to try COLOSSEPTIC. Will you please send me a Trial Sample of COLOSSEPTIC and your booklet, which tells how COLOSSEPTIC renews youth. I enclose stamps or Postal Notes to the value of 1/-.
COLOSSEPTIC
Regular Full-size Jars, 5/6. All Chemists and Stores.
